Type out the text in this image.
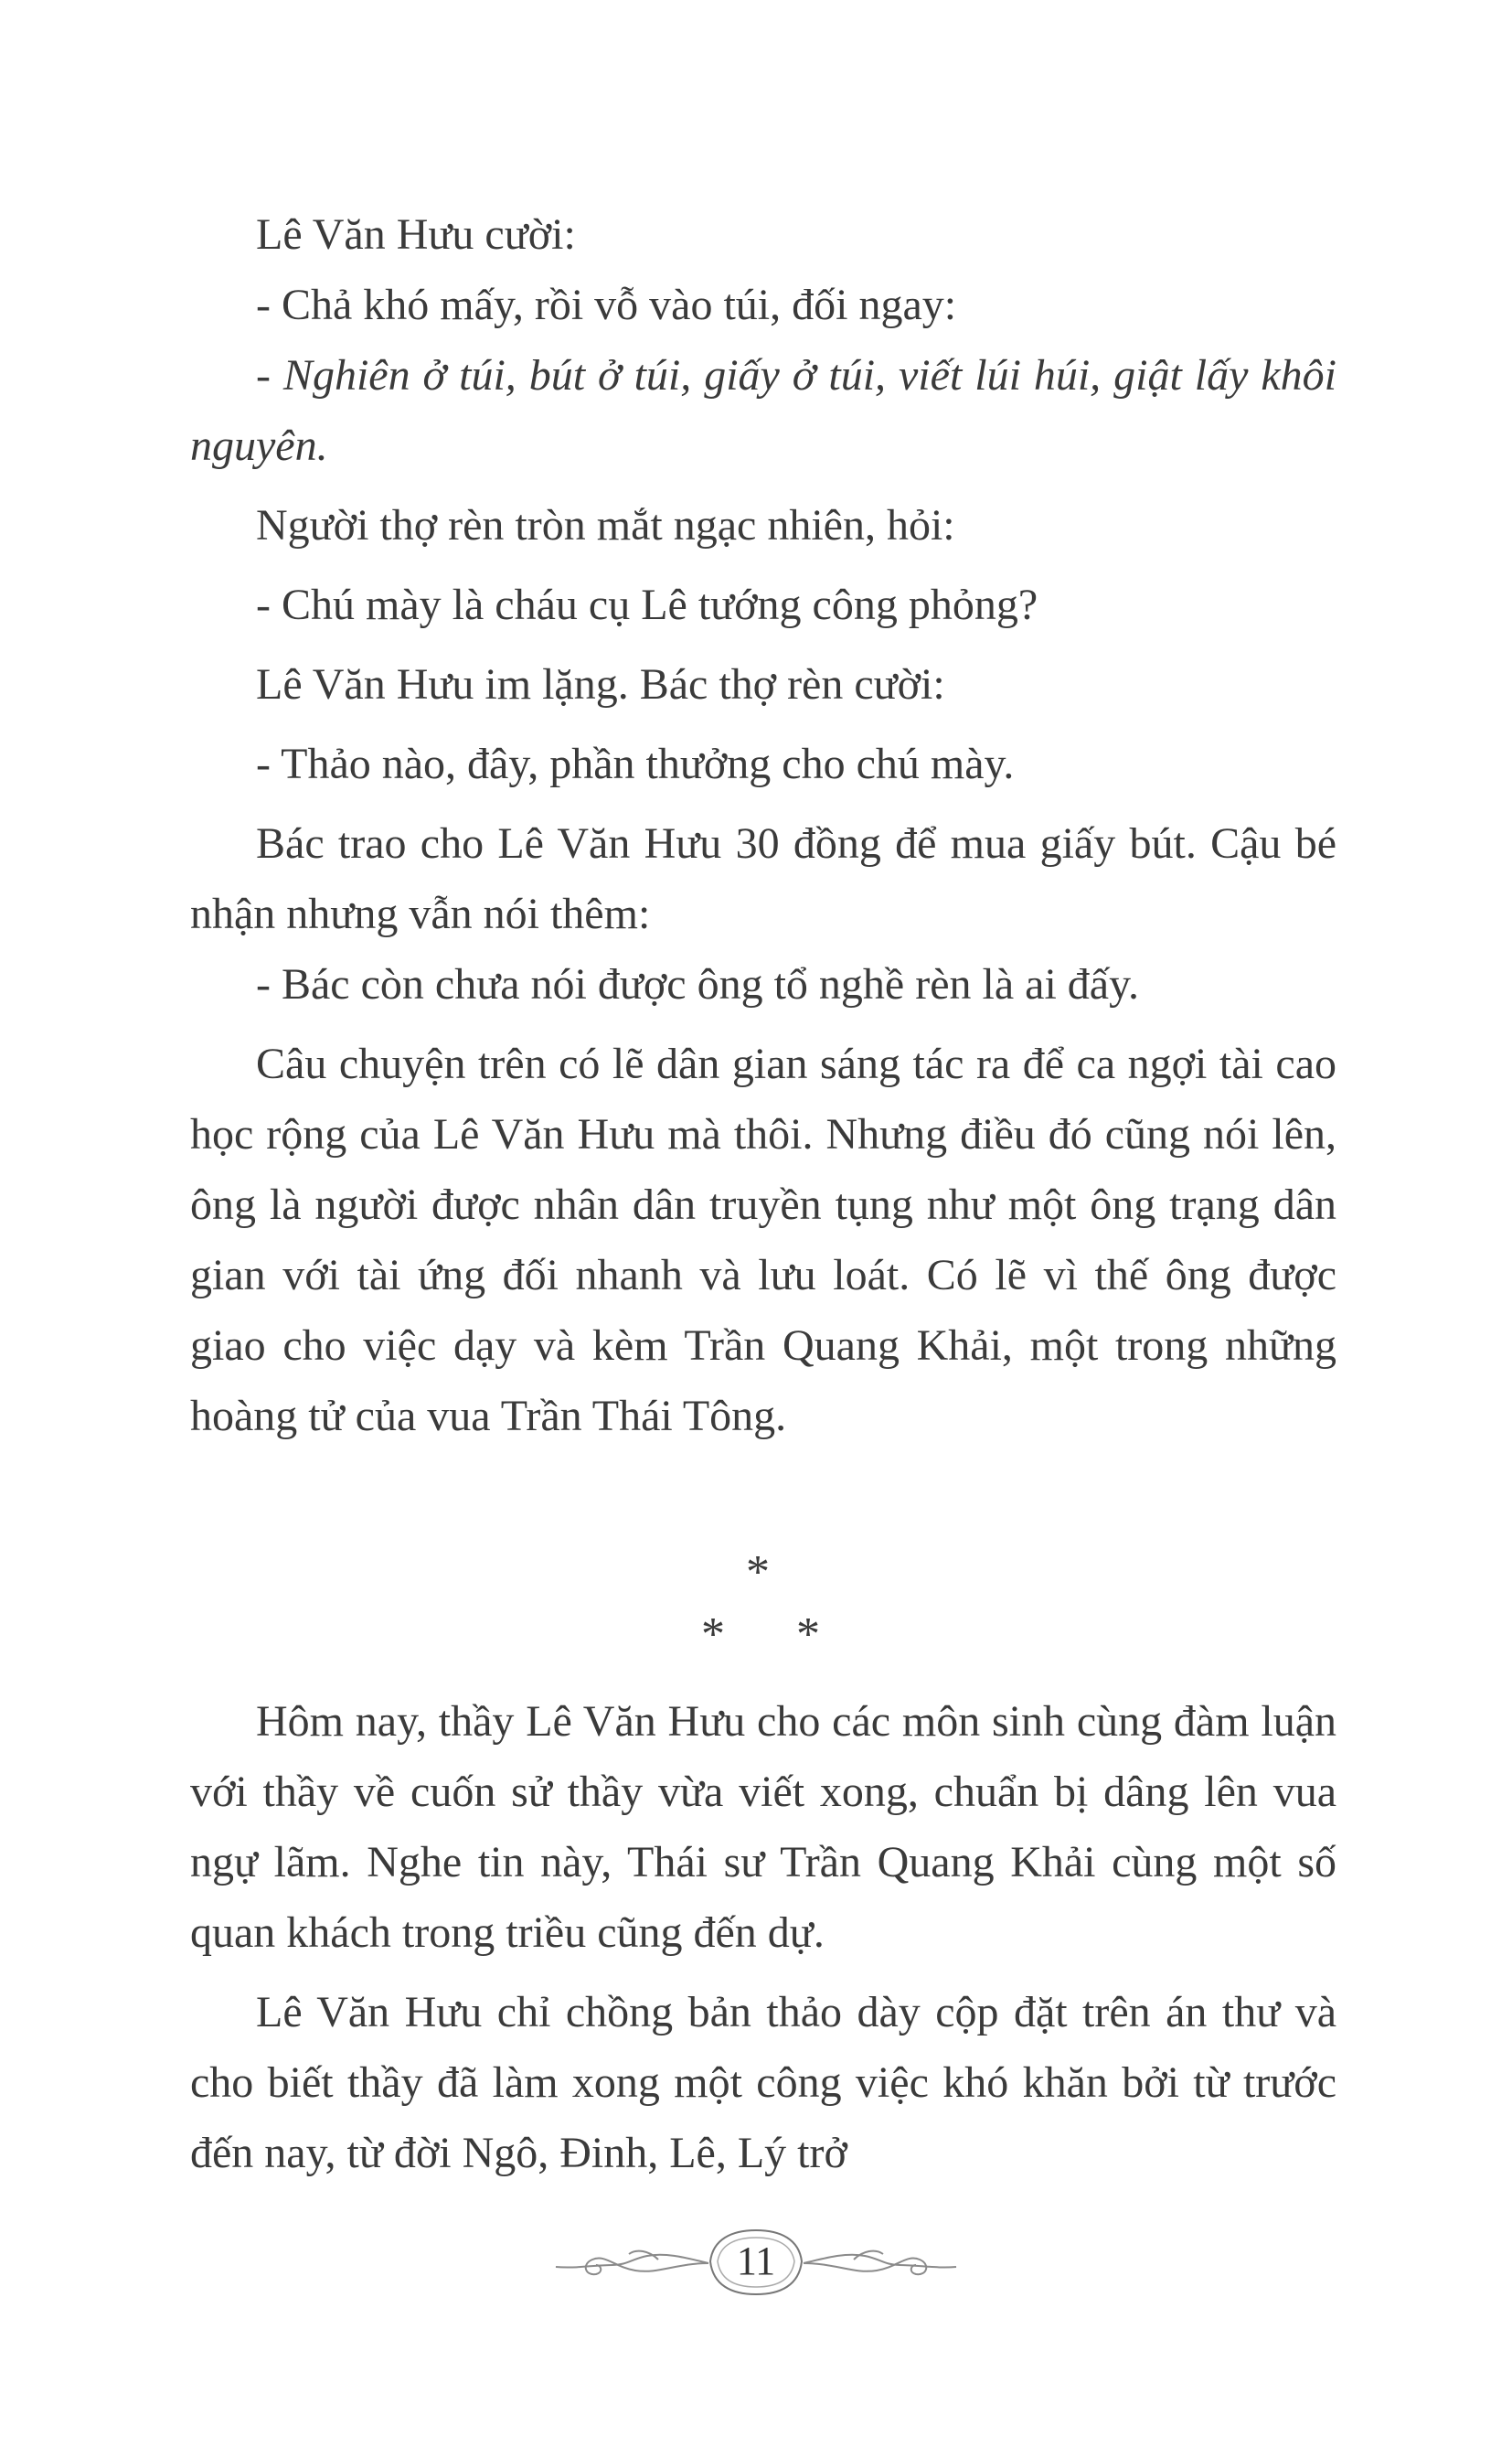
Lê Văn Hưu cười:

- Chả khó mấy, rồi vỗ vào túi, đối ngay:

- Nghiên ở túi, bút ở túi, giấy ở túi, viết lúi húi, giật lấy khôi nguyên.

Người thợ rèn tròn mắt ngạc nhiên, hỏi:

- Chú mày là cháu cụ Lê tướng công phỏng?

Lê Văn Hưu im lặng. Bác thợ rèn cười:

- Thảo nào, đây, phần thưởng cho chú mày.

Bác trao cho Lê Văn Hưu 30 đồng để mua giấy bút. Cậu bé nhận nhưng vẫn nói thêm:

- Bác còn chưa nói được ông tổ nghề rèn là ai đấy.

Câu chuyện trên có lẽ dân gian sáng tác ra để ca ngợi tài cao học rộng của Lê Văn Hưu mà thôi. Nhưng điều đó cũng nói lên, ông là người được nhân dân truyền tụng như một ông trạng dân gian với tài ứng đối nhanh và lưu loát. Có lẽ vì thế ông được giao cho việc dạy và kèm Trần Quang Khải, một trong những hoàng tử của vua Trần Thái Tông.

*
* *

Hôm nay, thầy Lê Văn Hưu cho các môn sinh cùng đàm luận với thầy về cuốn sử thầy vừa viết xong, chuẩn bị dâng lên vua ngự lãm. Nghe tin này, Thái sư Trần Quang Khải cùng một số quan khách trong triều cũng đến dự.

Lê Văn Hưu chỉ chồng bản thảo dày cộp đặt trên án thư và cho biết thầy đã làm xong một công việc khó khăn bởi từ trước đến nay, từ đời Ngô, Đinh, Lê, Lý trở

11
